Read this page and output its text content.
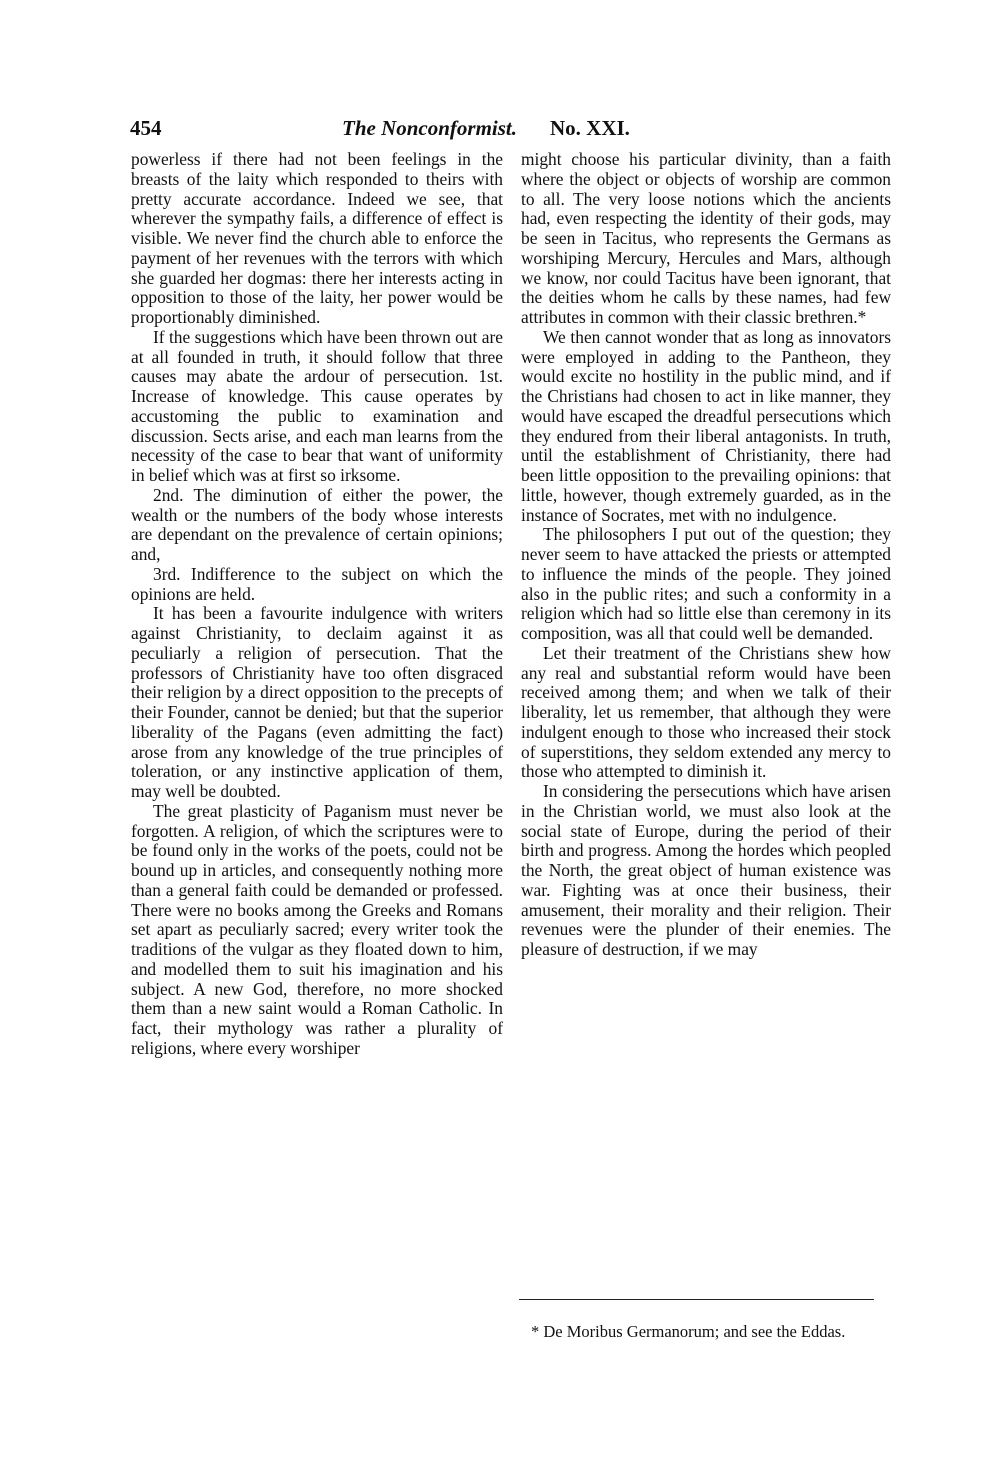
454	The Nonconformist. No. XXI.

powerless if there had not been feelings in the breasts of the laity which responded to theirs with pretty accurate accordance. Indeed we see, that wherever the sympathy fails, a difference of effect is visible. We never find the church able to enforce the payment of her revenues with the terrors with which she guarded her dogmas: there her interests acting in opposition to those of the laity, her power would be proportionably diminished.

If the suggestions which have been thrown out are at all founded in truth, it should follow that three causes may abate the ardour of persecution. 1st. Increase of knowledge. This cause operates by accustoming the public to examination and discussion. Sects arise, and each man learns from the necessity of the case to bear that want of uniformity in belief which was at first so irksome.

2nd. The diminution of either the power, the wealth or the numbers of the body whose interests are dependant on the prevalence of certain opinions; and,

3rd. Indifference to the subject on which the opinions are held.

It has been a favourite indulgence with writers against Christianity, to declaim against it as peculiarly a religion of persecution. That the professors of Christianity have too often disgraced their religion by a direct opposition to the precepts of their Founder, cannot be denied; but that the superior liberality of the Pagans (even admitting the fact) arose from any knowledge of the true principles of toleration, or any instinctive application of them, may well be doubted.

The great plasticity of Paganism must never be forgotten. A religion, of which the scriptures were to be found only in the works of the poets, could not be bound up in articles, and consequently nothing more than a general faith could be demanded or professed. There were no books among the Greeks and Romans set apart as peculiarly sacred; every writer took the traditions of the vulgar as they floated down to him, and modelled them to suit his imagination and his subject. A new God, therefore, no more shocked them than a new saint would a Roman Catholic. In fact, their mythology was rather a plurality of religions, where every worshiper

might choose his particular divinity, than a faith where the object or objects of worship are common to all. The very loose notions which the ancients had, even respecting the identity of their gods, may be seen in Tacitus, who represents the Germans as worshiping Mercury, Hercules and Mars, although we know, nor could Tacitus have been ignorant, that the deities whom he calls by these names, had few attributes in common with their classic brethren.*

We then cannot wonder that as long as innovators were employed in adding to the Pantheon, they would excite no hostility in the public mind, and if the Christians had chosen to act in like manner, they would have escaped the dreadful persecutions which they endured from their liberal antagonists. In truth, until the establishment of Christianity, there had been little opposition to the prevailing opinions: that little, however, though extremely guarded, as in the instance of Socrates, met with no indulgence.

The philosophers I put out of the question; they never seem to have attacked the priests or attempted to influence the minds of the people. They joined also in the public rites; and such a conformity in a religion which had so little else than ceremony in its composition, was all that could well be demanded.

Let their treatment of the Christians shew how any real and substantial reform would have been received among them; and when we talk of their liberality, let us remember, that although they were indulgent enough to those who increased their stock of superstitions, they seldom extended any mercy to those who attempted to diminish it.

In considering the persecutions which have arisen in the Christian world, we must also look at the social state of Europe, during the period of their birth and progress. Among the hordes which peopled the North, the great object of human existence was war. Fighting was at once their business, their amusement, their morality and their religion. Their revenues were the plunder of their enemies. The pleasure of destruction, if we may

* De Moribus Germanorum; and see the Eddas.
